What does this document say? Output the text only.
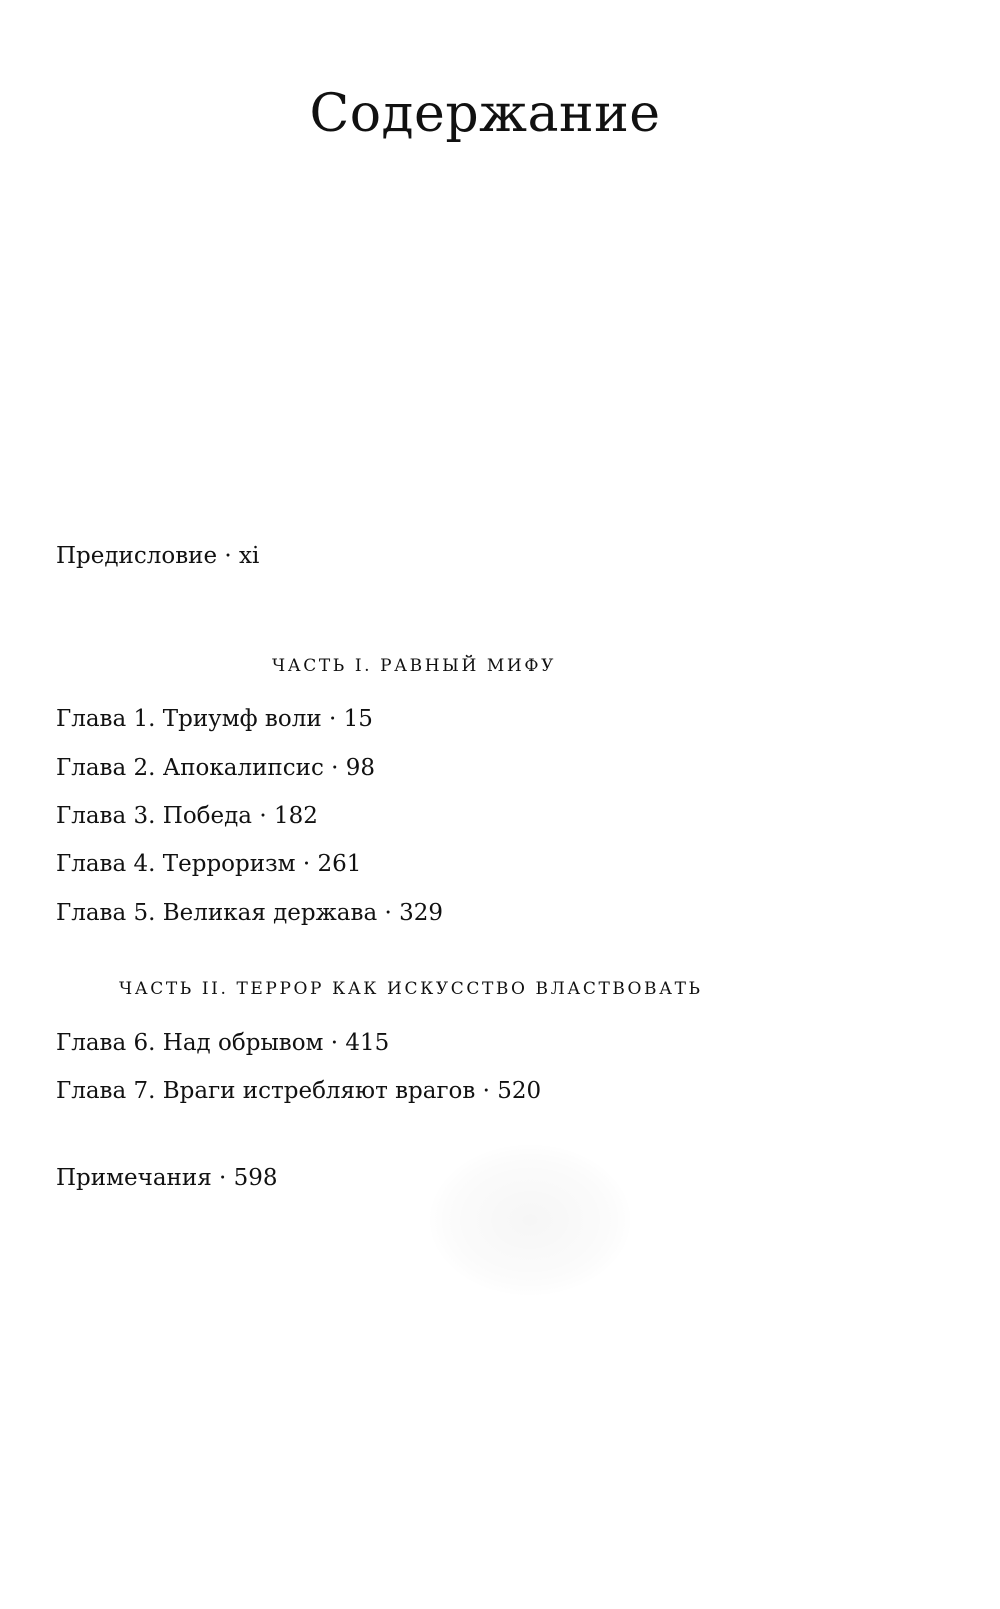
Содержание
Предисловие · xi
ЧАСТЬ I. РАВНЫЙ МИФУ
Глава 1. Триумф воли · 15
Глава 2. Апокалипсис · 98
Глава 3. Победа · 182
Глава 4. Терроризм · 261
Глава 5. Великая держава · 329
ЧАСТЬ II. ТЕРРОР КАК ИСКУССТВО ВЛАСТВОВАТЬ
Глава 6. Над обрывом · 415
Глава 7. Враги истребляют врагов · 520
Примечания · 598
